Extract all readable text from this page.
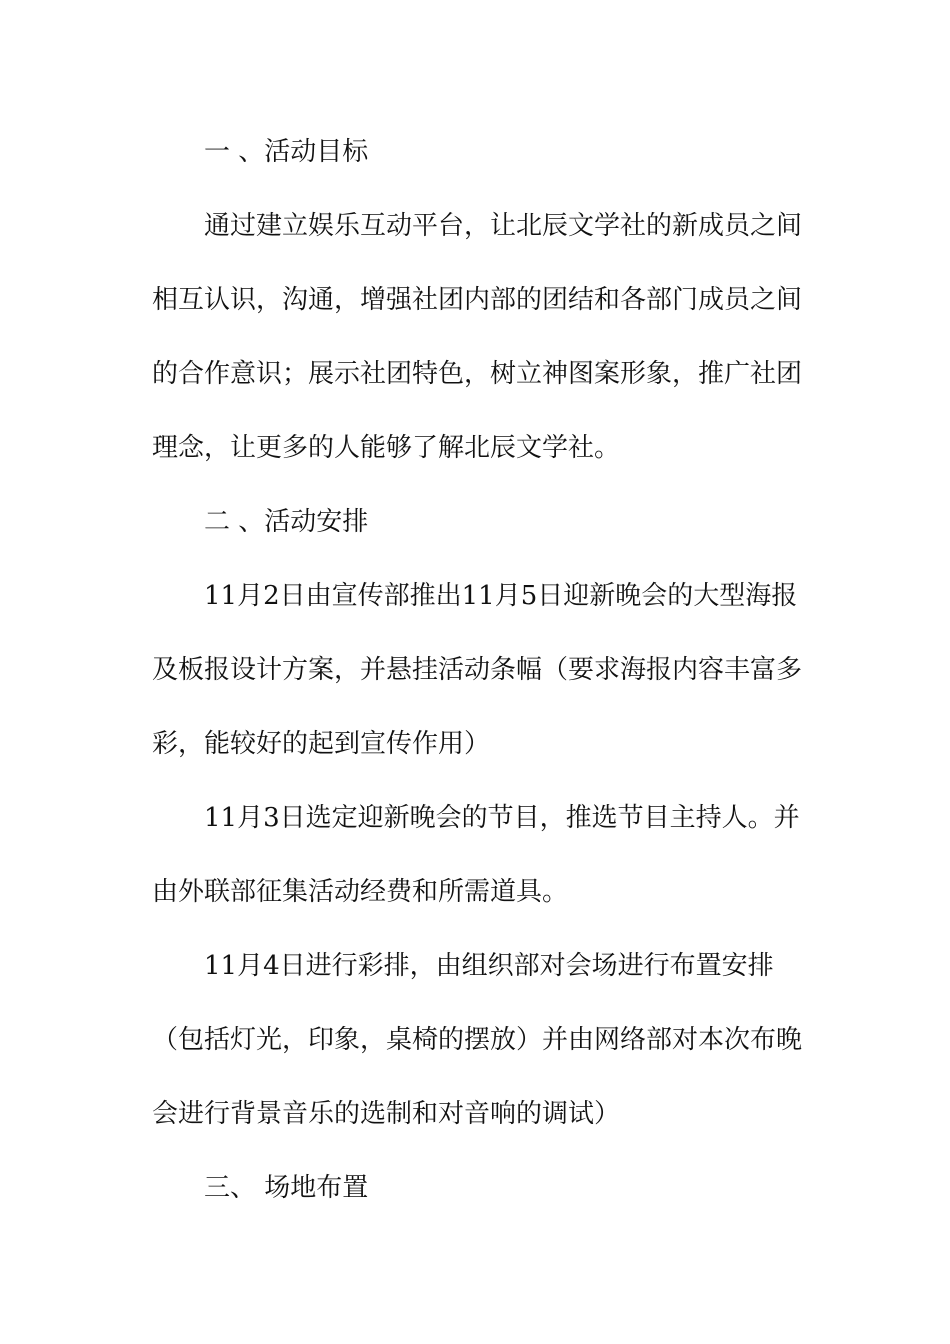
一 、活动目标
通过建立娱乐互动平台，让北辰文学社的新成员之间
相互认识，沟通，增强社团内部的团结和各部门成员之间
的合作意识；展示社团特色，树立神图案形象，推广社团
理念，让更多的人能够了解北辰文学社。
二 、活动安排
11月2日由宣传部推出11月5日迎新晚会的大型海报
及板报设计方案，并悬挂活动条幅（要求海报内容丰富多
彩，能较好的起到宣传作用）
11月3日选定迎新晚会的节目，推选节目主持人。并
由外联部征集活动经费和所需道具。
11月4日进行彩排，由组织部对会场进行布置安排
（包括灯光，印象，桌椅的摆放）并由网络部对本次布晚
会进行背景音乐的选制和对音响的调试）
三、 场地布置
